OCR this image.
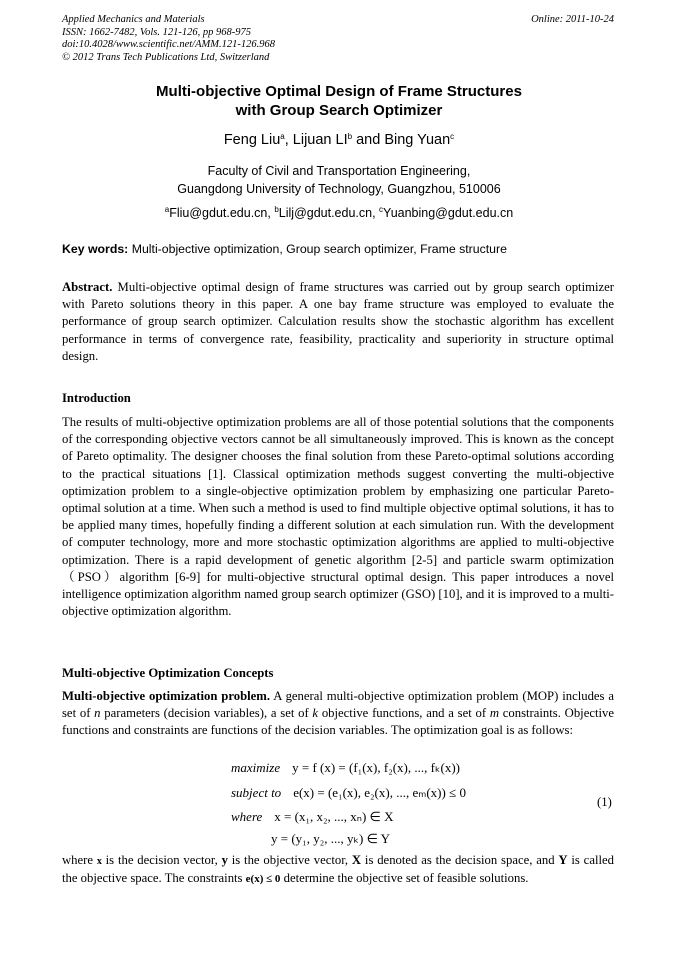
Applied Mechanics and Materials
ISSN: 1662-7482, Vols. 121-126, pp 968-975
doi:10.4028/www.scientific.net/AMM.121-126.968
© 2012 Trans Tech Publications Ltd, Switzerland
Online: 2011-10-24
Multi-objective Optimal Design of Frame Structures
with Group Search Optimizer
Feng Liu$^a$, Lijuan $LI^b$ and Bing Yuan$^c$
Faculty of Civil and Transportation Engineering,
Guangdong University of Technology, Guangzhou, 510006
$^a$Fliu@gdut.edu.cn, $^b$Lilj@gdut.edu.cn, $^c$Yuanbing@gdut.edu.cn
Key words: Multi-objective optimization, Group search optimizer, Frame structure
Abstract. Multi-objective optimal design of frame structures was carried out by group search optimizer with Pareto solutions theory in this paper. A one bay frame structure was employed to evaluate the performance of group search optimizer. Calculation results show the stochastic algorithm has excellent performance in terms of convergence rate, feasibility, practicality and superiority in structure optimal design.
Introduction
The results of multi-objective optimization problems are all of those potential solutions that the components of the corresponding objective vectors cannot be all simultaneously improved. This is known as the concept of Pareto optimality. The designer chooses the final solution from these Pareto-optimal solutions according to the practical situations [1]. Classical optimization methods suggest converting the multi-objective optimization problem to a single-objective optimization problem by emphasizing one particular Pareto-optimal solution at a time. When such a method is used to find multiple objective optimal solutions, it has to be applied many times, hopefully finding a different solution at each simulation run. With the development of computer technology, more and more stochastic optimization algorithms are applied to multi-objective optimization. There is a rapid development of genetic algorithm [2-5] and particle swarm optimization（PSO）algorithm [6-9] for multi-objective structural optimal design. This paper introduces a novel intelligence optimization algorithm named group search optimizer (GSO) [10], and it is improved to a multi-objective optimization algorithm.
Multi-objective Optimization Concepts
Multi-objective optimization problem. A general multi-objective optimization problem (MOP) includes a set of n parameters (decision variables), a set of k objective functions, and a set of m constraints. Objective functions and constraints are functions of the decision variables. The optimization goal is as follows:
maximize y = f (x) = (f₁(x), f₂(x), ..., fₖ(x))
subject to e(x) = (e₁(x), e₂(x), ..., eₘ(x)) ≤ 0
where x = (x₁, x₂, ..., xₙ) ∈ X
y = (y₁, y₂, ..., yₖ) ∈ Y
(1)
where x is the decision vector, y is the objective vector, X is denoted as the decision space, and Y is called the objective space. The constraints e(x) ≤ 0 determine the objective set of feasible solutions.
